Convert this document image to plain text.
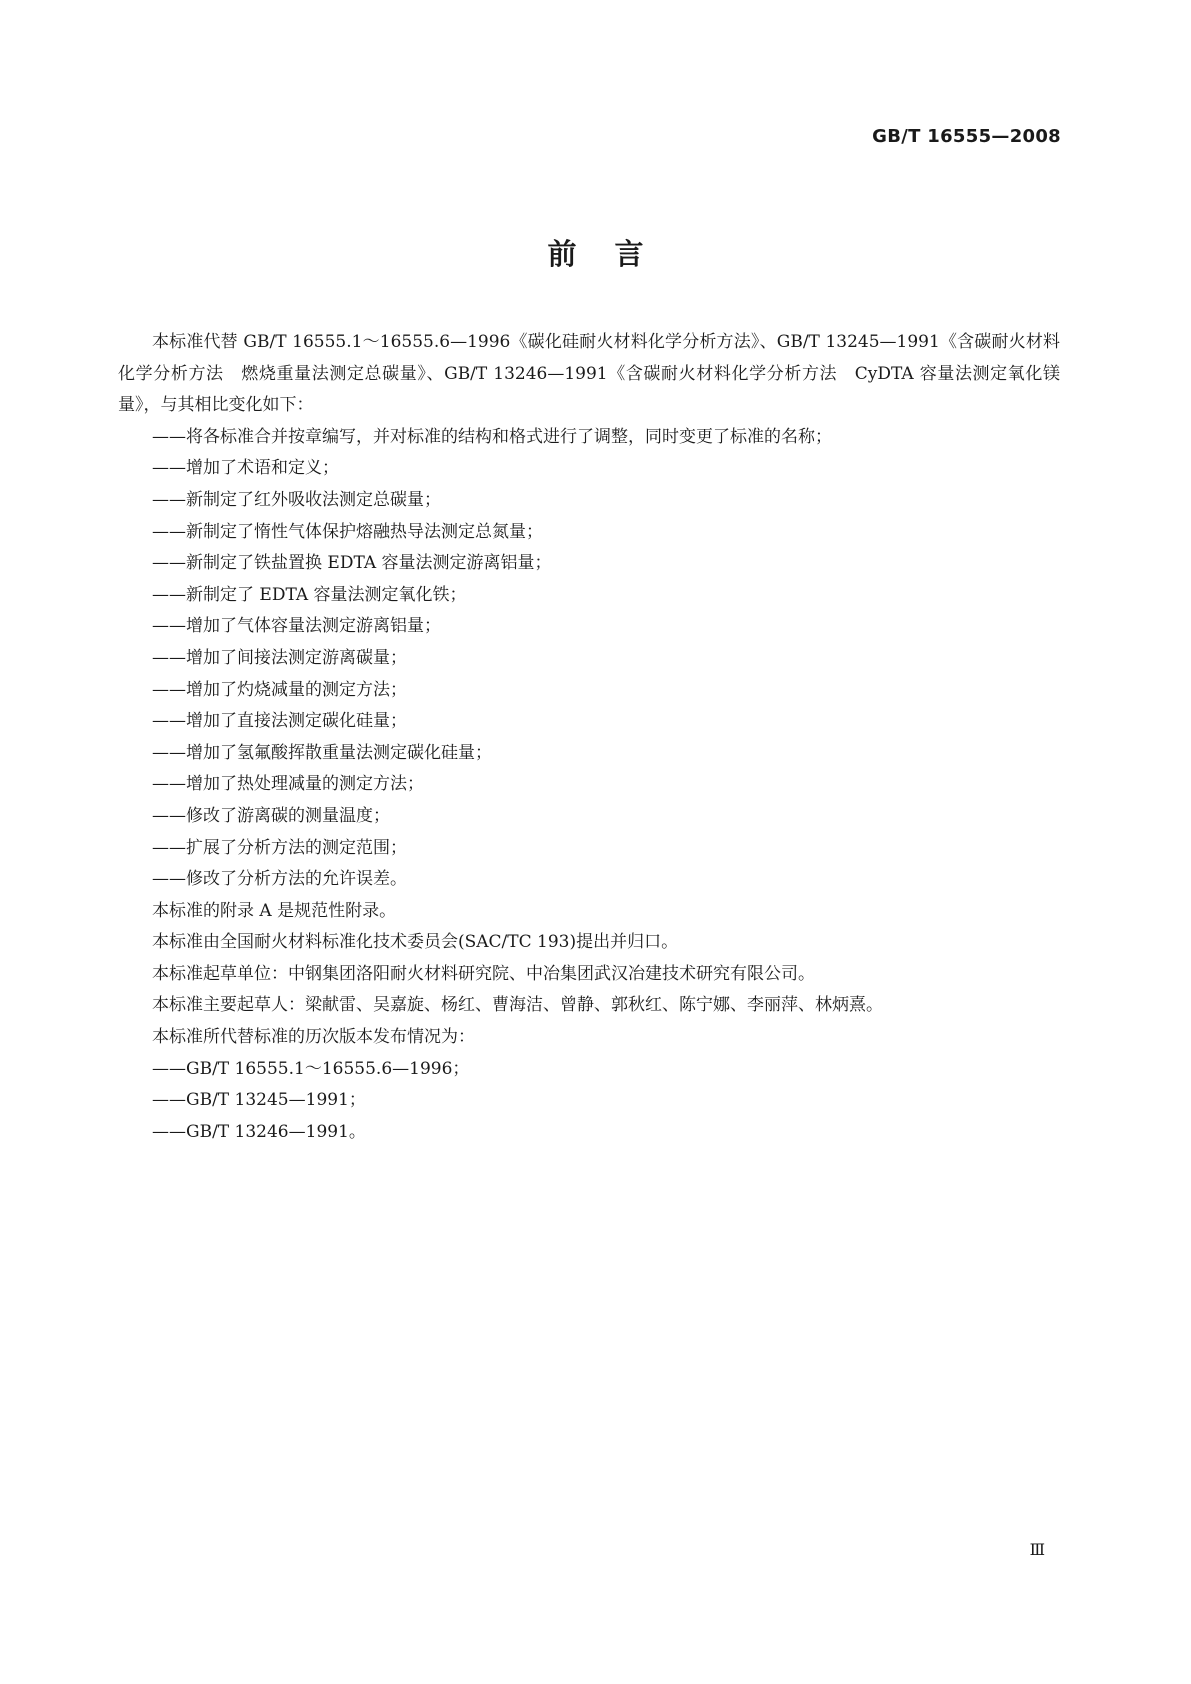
GB/T 16555—2008
前言

本标准代替 GB/T 16555.1～16555.6—1996《碳化硅耐火材料化学分析方法》、GB/T 13245—1991《含碳耐火材料化学分析方法　燃烧重量法测定总碳量》、GB/T 13246—1991《含碳耐火材料化学分析方法　CyDTA 容量法测定氧化镁量》，与其相比变化如下：

——将各标准合并按章编写，并对标准的结构和格式进行了调整，同时变更了标准的名称；

——增加了术语和定义；

——新制定了红外吸收法测定总碳量；

——新制定了惰性气体保护熔融热导法测定总氮量；

——新制定了铁盐置换 EDTA 容量法测定游离铝量；

——新制定了 EDTA 容量法测定氧化铁；

——增加了气体容量法测定游离铝量；

——增加了间接法测定游离碳量；

——增加了灼烧减量的测定方法；

——增加了直接法测定碳化硅量；

——增加了氢氟酸挥散重量法测定碳化硅量；

——增加了热处理减量的测定方法；

——修改了游离碳的测量温度；

——扩展了分析方法的测定范围；

——修改了分析方法的允许误差。

本标准的附录 A 是规范性附录。

本标准由全国耐火材料标准化技术委员会(SAC/TC 193)提出并归口。

本标准起草单位：中钢集团洛阳耐火材料研究院、中冶集团武汉冶建技术研究有限公司。

本标准主要起草人：梁献雷、吴嘉旋、杨红、曹海洁、曾静、郭秋红、陈宁娜、李丽萍、林炳熹。

本标准所代替标准的历次版本发布情况为：

——GB/T 16555.1～16555.6—1996；

——GB/T 13245—1991；

——GB/T 13246—1991。

Ⅲ
